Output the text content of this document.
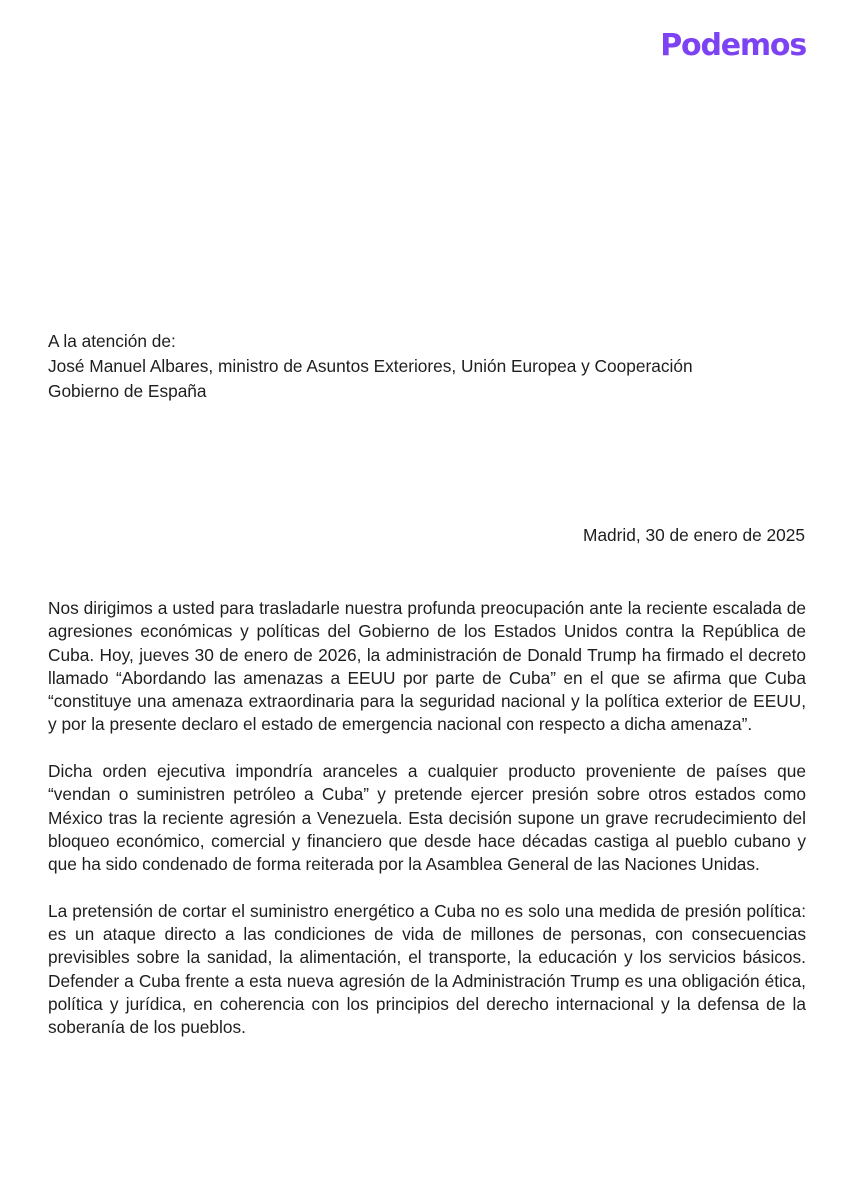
Podemos
A la atención de:
José Manuel Albares, ministro de Asuntos Exteriores, Unión Europea y Cooperación
Gobierno de España
Madrid, 30 de enero de 2025

Nos dirigimos a usted para trasladarle nuestra profunda preocupación ante la reciente escalada de agresiones económicas y políticas del Gobierno de los Estados Unidos contra la República de Cuba. Hoy, jueves 30 de enero de 2026, la administración de Donald Trump ha firmado el decreto llamado “Abordando las amenazas a EEUU por parte de Cuba” en el que se afirma que Cuba “constituye una amenaza extraordinaria para la seguridad nacional y la política exterior de EEUU, y por la presente declaro el estado de emergencia nacional con respecto a dicha amenaza”.

Dicha orden ejecutiva impondría aranceles a cualquier producto proveniente de países que “vendan o suministren petróleo a Cuba” y pretende ejercer presión sobre otros estados como México tras la reciente agresión a Venezuela. Esta decisión supone un grave recrudecimiento del bloqueo económico, comercial y financiero que desde hace décadas castiga al pueblo cubano y que ha sido condenado de forma reiterada por la Asamblea General de las Naciones Unidas.

La pretensión de cortar el suministro energético a Cuba no es solo una medida de presión política: es un ataque directo a las condiciones de vida de millones de personas, con consecuencias previsibles sobre la sanidad, la alimentación, el transporte, la educación y los servicios básicos. Defender a Cuba frente a esta nueva agresión de la Administración Trump es una obligación ética, política y jurídica, en coherencia con los principios del derecho internacional y la defensa de la soberanía de los pueblos.
